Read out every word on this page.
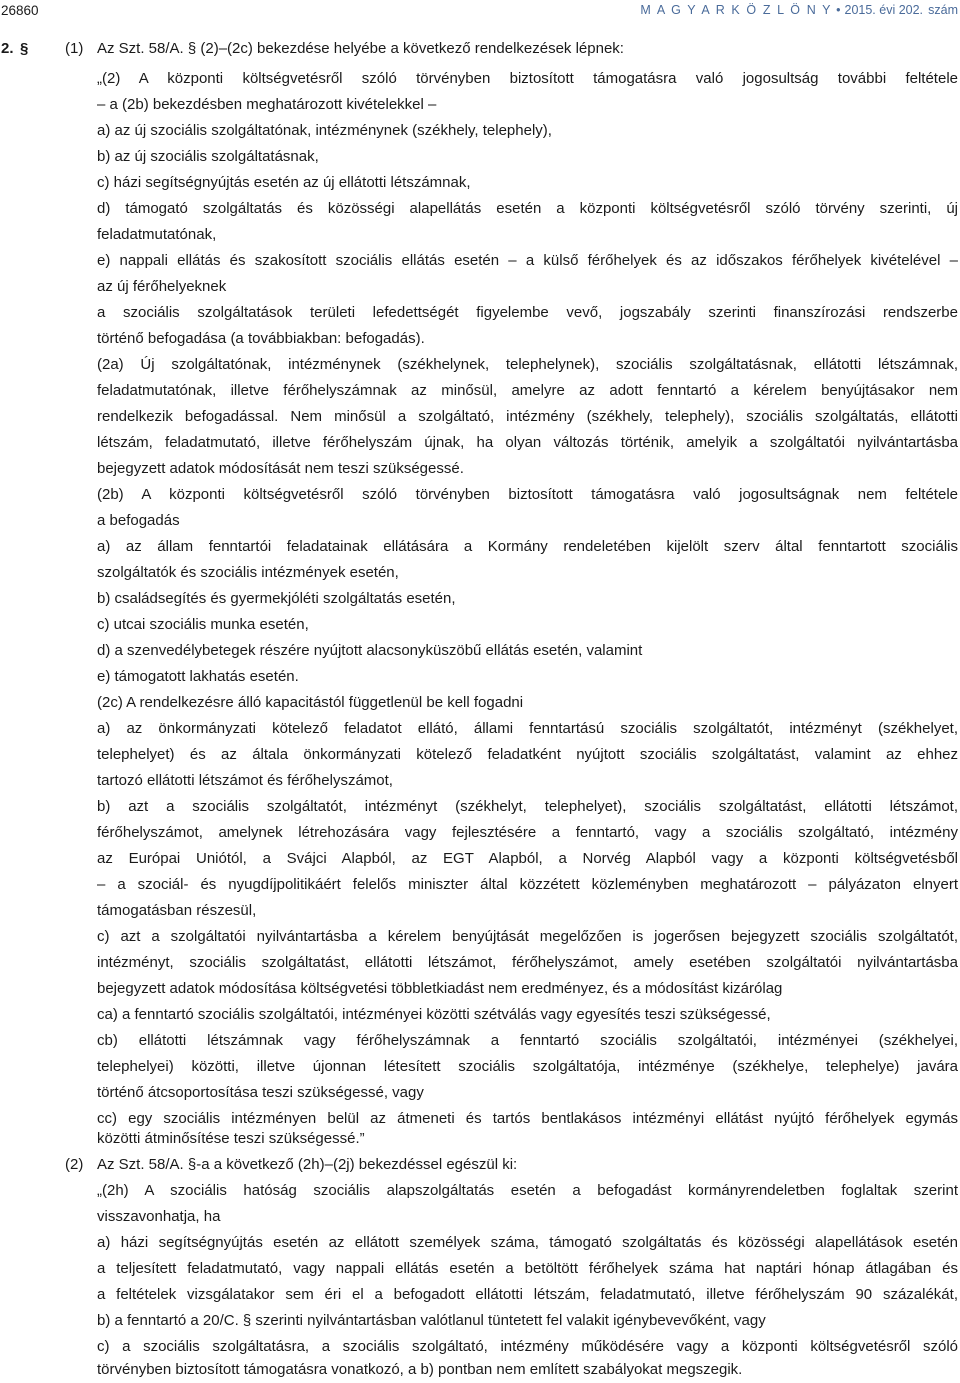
26860	M A G Y A R K Ö Z L Ö N Y • 2015. évi 202. szám
2. § (1)
(2)
Az Szt. 58/A. § (2)–(2c) bekezdése helyébe a következő rendelkezések lépnek:
„(2) A központi költségvetésről szóló törvényben biztosított támogatásra való jogosultság további feltétele
– a (2b) bekezdésben meghatározott kivételekkel –
a) az új szociális szolgáltatónak, intézménynek (székhely, telephely),
b) az új szociális szolgáltatásnak,
c) házi segítségnyújtás esetén az új ellátotti létszámnak,
d) támogató szolgáltatás és közösségi alapellátás esetén a központi költségvetésről szóló törvény szerinti, új
feladatmutatónak,
e) nappali ellátás és szakosított szociális ellátás esetén – a külső férőhelyek és az időszakos férőhelyek kivételével –
az új férőhelyeknek
a szociális szolgáltatások területi lefedettségét figyelembe vevő, jogszabály szerinti finanszírozási rendszerbe
történő befogadása (a továbbiakban: befogadás).
(2a) Új szolgáltatónak, intézménynek (székhelynek, telephelynek), szociális szolgáltatásnak, ellátotti létszámnak,
feladatmutatónak, illetve férőhelyszámnak az minősül, amelyre az adott fenntartó a kérelem benyújtásakor nem
rendelkezik befogadással. Nem minősül a szolgáltató, intézmény (székhely, telephely), szociális szolgáltatás, ellátotti
létszám, feladatmutató, illetve férőhelyszám újnak, ha olyan változás történik, amelyik a szolgáltatói nyilvántartásba
bejegyzett adatok módosítását nem teszi szükségessé.
(2b) A központi költségvetésről szóló törvényben biztosított támogatásra való jogosultságnak nem feltétele
a befogadás
a) az állam fenntartói feladatainak ellátására a Kormány rendeletében kijelölt szerv által fenntartott szociális
szolgáltatók és szociális intézmények esetén,
b) családsegítés és gyermekjóléti szolgáltatás esetén,
c) utcai szociális munka esetén,
d) a szenvedélybetegek részére nyújtott alacsonyküszöbű ellátás esetén, valamint
e) támogatott lakhatás esetén.
(2c) A rendelkezésre álló kapacitástól függetlenül be kell fogadni
a) az önkormányzati kötelező feladatot ellátó, állami fenntartású szociális szolgáltatót, intézményt (székhelyet,
telephelyet) és az általa önkormányzati kötelező feladatként nyújtott szociális szolgáltatást, valamint az ehhez
tartozó ellátotti létszámot és férőhelyszámot,
b) azt a szociális szolgáltatót, intézményt (székhelyt, telephelyet), szociális szolgáltatást, ellátotti létszámot,
férőhelyszámot, amelynek létrehozására vagy fejlesztésére a fenntartó, vagy a szociális szolgáltató, intézmény
az Európai Uniótól, a Svájci Alapból, az EGT Alapból, a Norvég Alapból vagy a központi költségvetésből
– a szociál- és nyugdíjpolitikáért felelős miniszter által közzétett közleményben meghatározott – pályázaton elnyert
támogatásban részesül,
c) azt a szolgáltatói nyilvántartásba a kérelem benyújtását megelőzően is jogerősen bejegyzett szociális szolgáltatót,
intézményt, szociális szolgáltatást, ellátotti létszámot, férőhelyszámot, amely esetében szolgáltatói nyilvántartásba
bejegyzett adatok módosítása költségvetési többletkiadást nem eredményez, és a módosítást kizárólag
ca) a fenntartó szociális szolgáltatói, intézményei közötti szétválás vagy egyesítés teszi szükségessé,
cb) ellátotti létszámnak vagy férőhelyszámnak a fenntartó szociális szolgáltatói, intézményei (székhelyei,
telephelyei) közötti, illetve újonnan létesített szociális szolgáltatója, intézménye (székhelye, telephelye) javára
történő átcsoportosítása teszi szükségessé, vagy
cc) egy szociális intézményen belül az átmeneti és tartós bentlakásos intézményi ellátást nyújtó férőhelyek egymás
közötti átminősítése teszi szükségessé.”
Az Szt. 58/A. §-a a következő (2h)–(2j) bekezdéssel egészül ki:
„(2h) A szociális hatóság szociális alapszolgáltatás esetén a befogadást kormányrendeletben foglaltak szerint
visszavonhatja, ha
a) házi segítségnyújtás esetén az ellátott személyek száma, támogató szolgáltatás és közösségi alapellátások esetén
a teljesített feladatmutató, vagy nappali ellátás esetén a betöltött férőhelyek száma hat naptári hónap átlagában és
a feltételek vizsgálatakor sem éri el a befogadott ellátotti létszám, feladatmutató, illetve férőhelyszám 90 százalékát,
b) a fenntartó a 20/C. § szerinti nyilvántartásban valótlanul tüntetett fel valakit igénybevevőként, vagy
c) a szociális szolgáltatásra, a szociális szolgáltató, intézmény működésére vagy a központi költségvetésről szóló
törvényben biztosított támogatásra vonatkozó, a b) pontban nem említett szabályokat megszegik.
